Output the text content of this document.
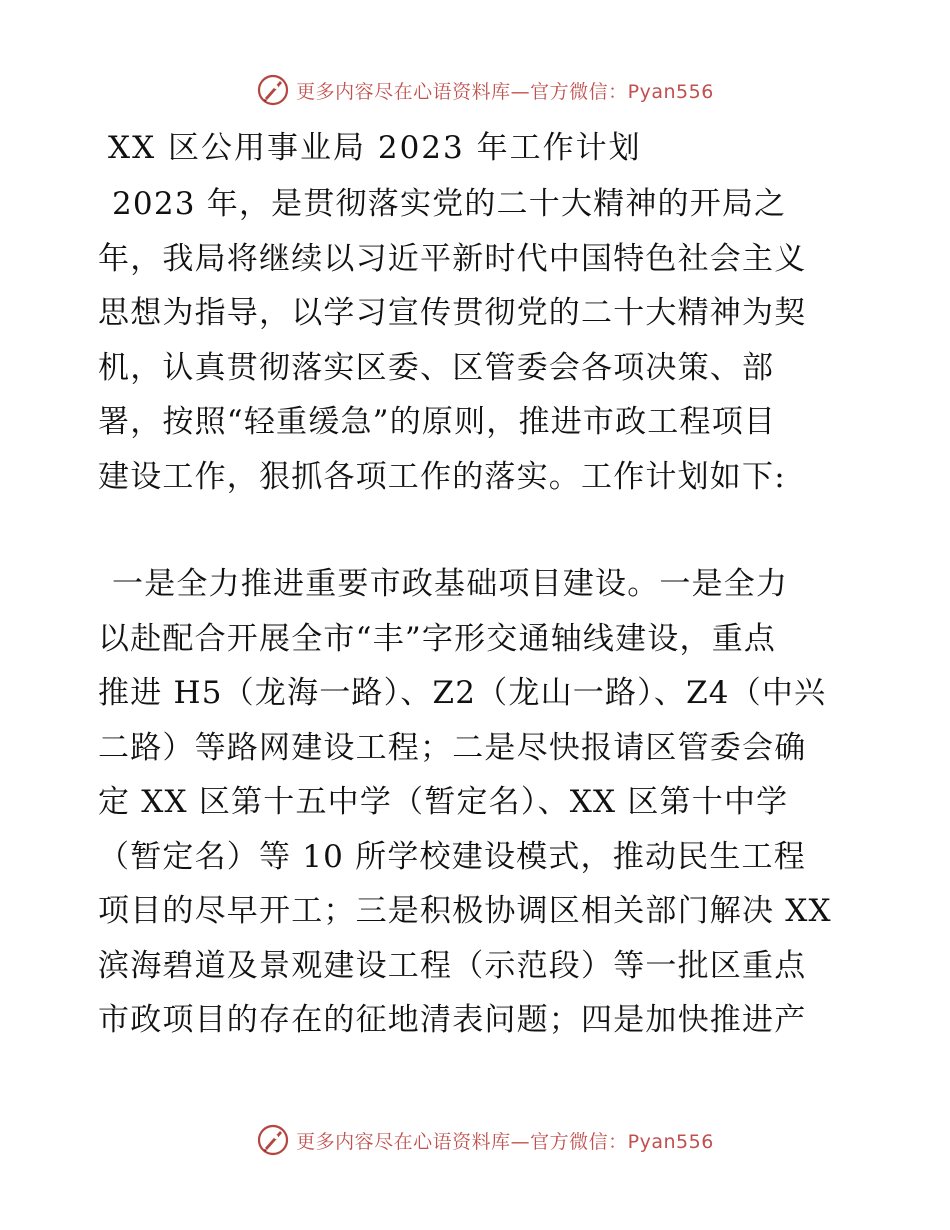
更多内容尽在心语资料库—官方微信：Pyan556
XX 区公用事业局 2023 年工作计划
2023 年，是贯彻落实党的二十大精神的开局之
年，我局将继续以习近平新时代中国特色社会主义
思想为指导，以学习宣传贯彻党的二十大精神为契
机，认真贯彻落实区委、区管委会各项决策、部
署，按照“轻重缓急”的原则，推进市政工程项目
建设工作，狠抓各项工作的落实。工作计划如下:
一是全力推进重要市政基础项目建设。一是全力
以赴配合开展全市“丰”字形交通轴线建设，重点
推进 H5（龙海一路）、Z2（龙山一路）、Z4（中兴
二路）等路网建设工程；二是尽快报请区管委会确
定 XX 区第十五中学（暂定名）、XX 区第十中学
（暂定名）等 10 所学校建设模式，推动民生工程
项目的尽早开工；三是积极协调区相关部门解决 XX
滨海碧道及景观建设工程（示范段）等一批区重点
市政项目的存在的征地清表问题；四是加快推进产
更多内容尽在心语资料库—官方微信：Pyan556
